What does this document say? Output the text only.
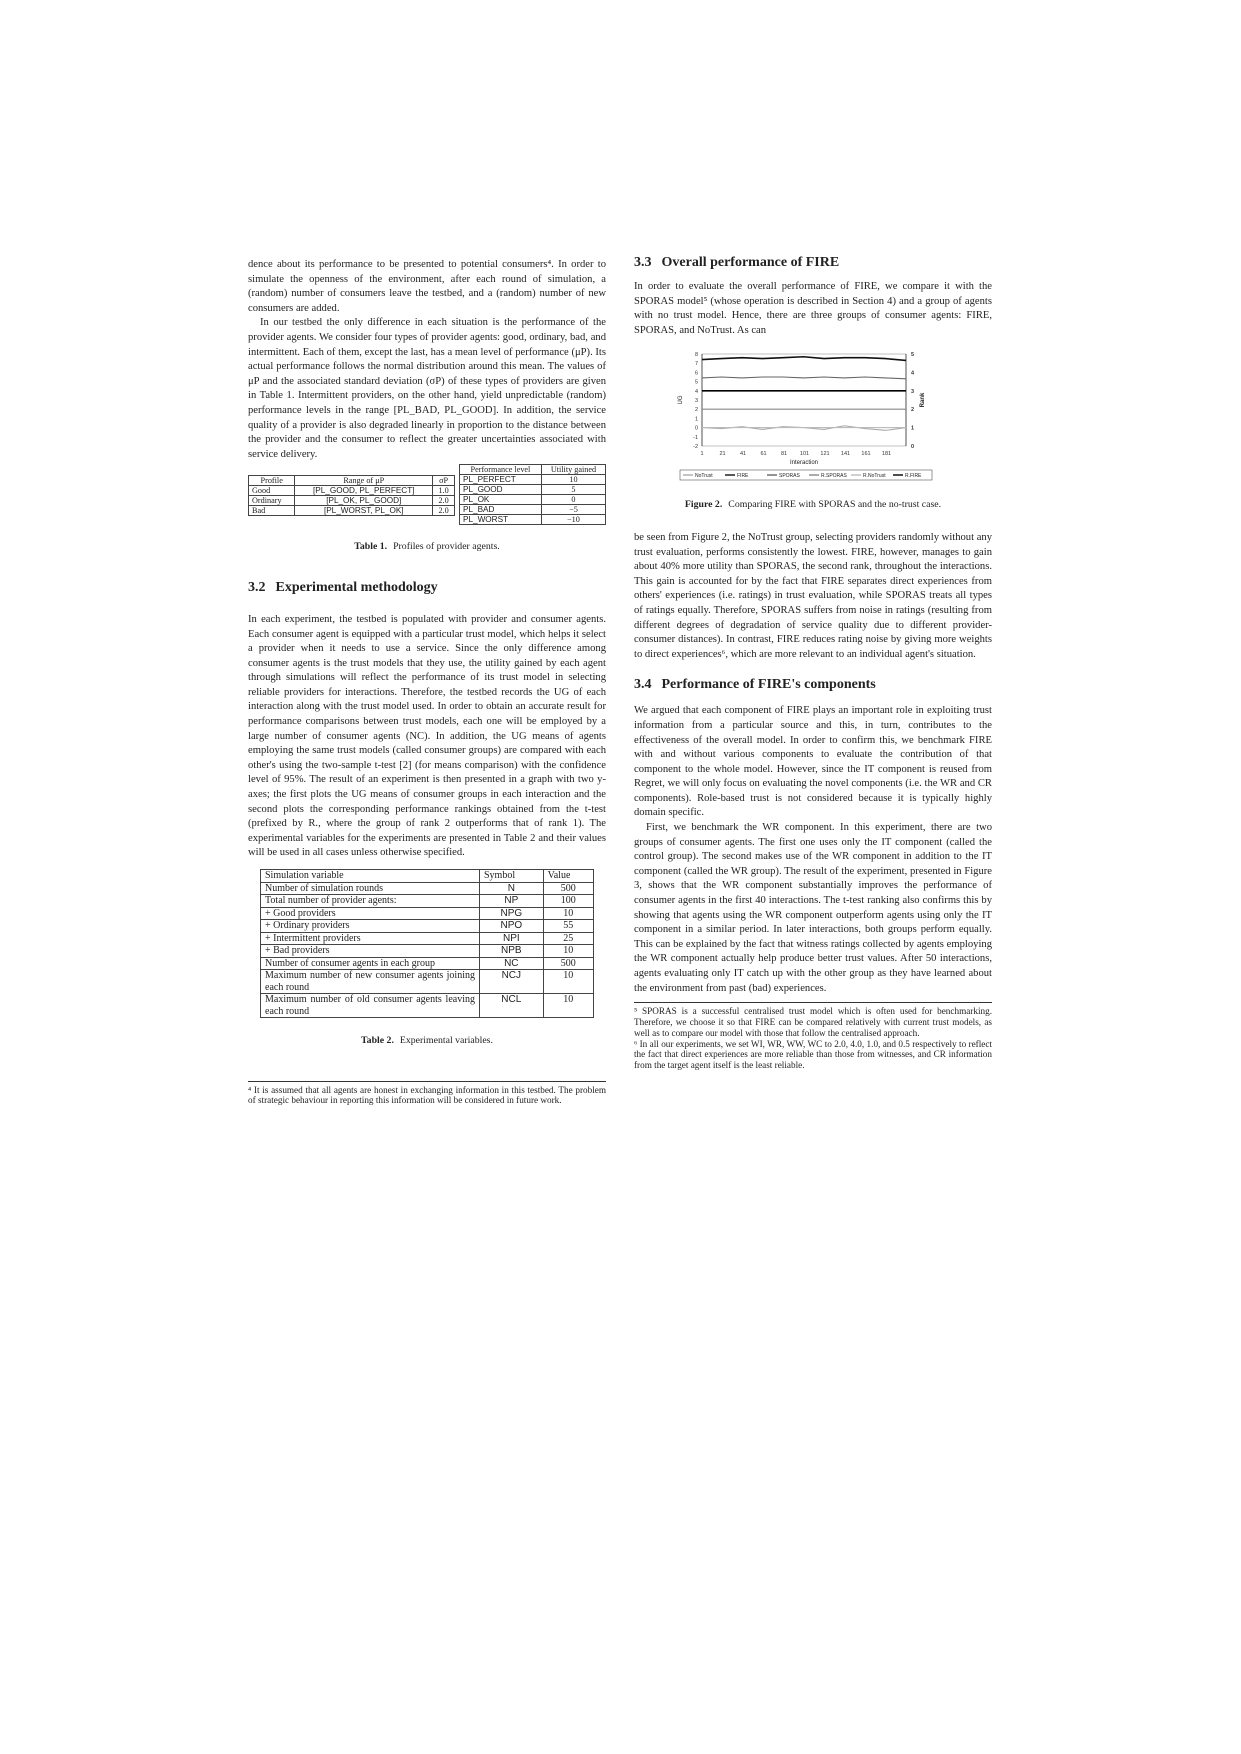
dence about its performance to be presented to potential consumers⁴. In order to simulate the openness of the environment, after each round of simulation, a (random) number of consumers leave the testbed, and a (random) number of new consumers are added.

In our testbed the only difference in each situation is the performance of the provider agents. We consider four types of provider agents: good, ordinary, bad, and intermittent. Each of them, except the last, has a mean level of performance (μP). Its actual performance follows the normal distribution around this mean. The values of μP and the associated standard deviation (σP) of these types of providers are given in Table 1. Intermittent providers, on the other hand, yield unpredictable (random) performance levels in the range [PL_BAD, PL_GOOD]. In addition, the service quality of a provider is also degraded linearly in proportion to the distance between the provider and the consumer to reflect the greater uncertainties associated with service delivery.

Performance level	Utility gained
PL_PERFECT	10
PL_GOOD	5
PL_OK	0
PL_BAD	−5
PL_WORST	−10
Profile	Range of μP	σP
Good	[PL_GOOD, PL_PERFECT]	1.0
Ordinary	[PL_OK, PL_GOOD]	2.0
Bad	[PL_WORST, PL_OK]	2.0
Table 1. Profiles of provider agents.
3.2 Experimental methodology

In each experiment, the testbed is populated with provider and consumer agents. Each consumer agent is equipped with a particular trust model, which helps it select a provider when it needs to use a service. Since the only difference among consumer agents is the trust models that they use, the utility gained by each agent through simulations will reflect the performance of its trust model in selecting reliable providers for interactions. Therefore, the testbed records the UG of each interaction along with the trust model used. In order to obtain an accurate result for performance comparisons between trust models, each one will be employed by a large number of consumer agents (NC). In addition, the UG means of agents employing the same trust models (called consumer groups) are compared with each other's using the two-sample t-test [2] (for means comparison) with the confidence level of 95%. The result of an experiment is then presented in a graph with two y-axes; the first plots the UG means of consumer groups in each interaction and the second plots the corresponding performance rankings obtained from the t-test (prefixed by R., where the group of rank 2 outperforms that of rank 1). The experimental variables for the experiments are presented in Table 2 and their values will be used in all cases unless otherwise specified.

Simulation variable	Symbol	Value
Number of simulation rounds	N	500
Total number of provider agents:	NP	100
+ Good providers	NPG	10
+ Ordinary providers	NPO	55
+ Intermittent providers	NPI	25
+ Bad providers	NPB	10
Number of consumer agents in each group	NC	500
Maximum number of new consumer agents joining each round	NCJ	10
Maximum number of old consumer agents leaving each round	NCL	10
Table 2. Experimental variables.

⁴ It is assumed that all agents are honest in exchanging information in this testbed. The problem of strategic behaviour in reporting this information will be considered in future work.

3.3 Overall performance of FIRE

In order to evaluate the overall performance of FIRE, we compare it with the SPORAS model⁵ (whose operation is described in Section 4) and a group of agents with no trust model. Hence, there are three groups of consumer agents: FIRE, SPORAS, and NoTrust. As can

8
7
6
5
4
3
2
1
0
-1
-2
5
4
3
2
1
0
1	21	41	61	81 101 121 141 161 181
Interaction
UG	Rank
NoTrust	FIRE	SPORAS	R.SPORAS	R.NoTrust	R.FIRE
Figure 2. Comparing FIRE with SPORAS and the no-trust case.

be seen from Figure 2, the NoTrust group, selecting providers randomly without any trust evaluation, performs consistently the lowest. FIRE, however, manages to gain about 40% more utility than SPORAS, the second rank, throughout the interactions. This gain is accounted for by the fact that FIRE separates direct experiences from others' experiences (i.e. ratings) in trust evaluation, while SPORAS treats all types of ratings equally. Therefore, SPORAS suffers from noise in ratings (resulting from different degrees of degradation of service quality due to different provider-consumer distances). In contrast, FIRE reduces rating noise by giving more weights to direct experiences⁶, which are more relevant to an individual agent's situation.

3.4 Performance of FIRE's components

We argued that each component of FIRE plays an important role in exploiting trust information from a particular source and this, in turn, contributes to the effectiveness of the overall model. In order to confirm this, we benchmark FIRE with and without various components to evaluate the contribution of that component to the whole model. However, since the IT component is reused from Regret, we will only focus on evaluating the novel components (i.e. the WR and CR components). Role-based trust is not considered because it is typically highly domain specific.

First, we benchmark the WR component. In this experiment, there are two groups of consumer agents. The first one uses only the IT component (called the control group). The second makes use of the WR component in addition to the IT component (called the WR group). The result of the experiment, presented in Figure 3, shows that the WR component substantially improves the performance of consumer agents in the first 40 interactions. The t-test ranking also confirms this by showing that agents using the WR component outperform agents using only the IT component in a similar period. In later interactions, both groups perform equally. This can be explained by the fact that witness ratings collected by agents employing the WR component actually help produce better trust values. After 50 interactions, agents evaluating only IT catch up with the other group as they have learned about the environment from past (bad) experiences.

⁵ SPORAS is a successful centralised trust model which is often used for benchmarking. Therefore, we choose it so that FIRE can be compared relatively with current trust models, as well as to compare our model with those that follow the centralised approach.

⁶ In all our experiments, we set WI, WR, WW, WC to 2.0, 4.0, 1.0, and 0.5 respectively to reflect the fact that direct experiences are more reliable than those from witnesses, and CR information from the target agent itself is the least reliable.
